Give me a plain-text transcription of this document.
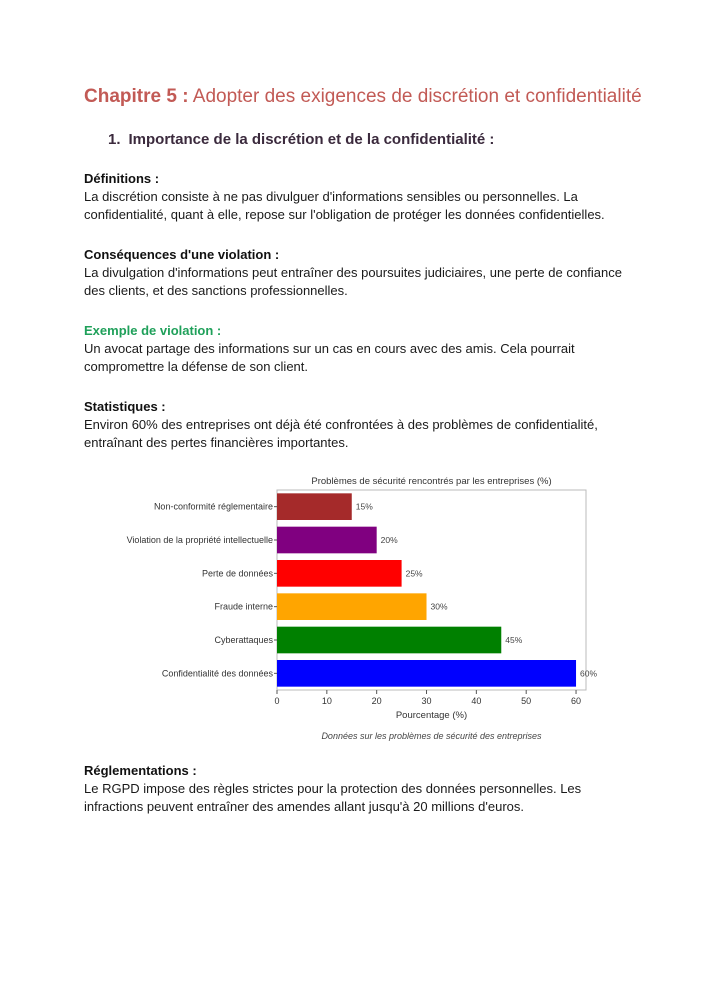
Chapitre 5 : Adopter des exigences de discrétion et confidentialité
1. Importance de la discrétion et de la confidentialité :
Définitions :

La discrétion consiste à ne pas divulguer d'informations sensibles ou personnelles. La confidentialité, quant à elle, repose sur l'obligation de protéger les données confidentielles.

Conséquences d'une violation :

La divulgation d'informations peut entraîner des poursuites judiciaires, une perte de confiance des clients, et des sanctions professionnelles.

Exemple de violation :

Un avocat partage des informations sur un cas en cours avec des amis. Cela pourrait compromettre la défense de son client.

Statistiques :

Environ 60% des entreprises ont déjà été confrontées à des problèmes de confidentialité, entraînant des pertes financières importantes.

Problèmes de sécurité rencontrés par les entreprises (%)
Non-conformité réglementaire	15%
Violation de la propriété intellectuelle	20%
Perte de données	25%
Fraude interne	30%
Cyberattaques	45%
Confidentialité des données	60%
0	10	20	30	40	50	60
Pourcentage (%)
Données sur les problèmes de sécurité des entreprises
Réglementations :

Le RGPD impose des règles strictes pour la protection des données personnelles. Les infractions peuvent entraîner des amendes allant jusqu'à 20 millions d'euros.
